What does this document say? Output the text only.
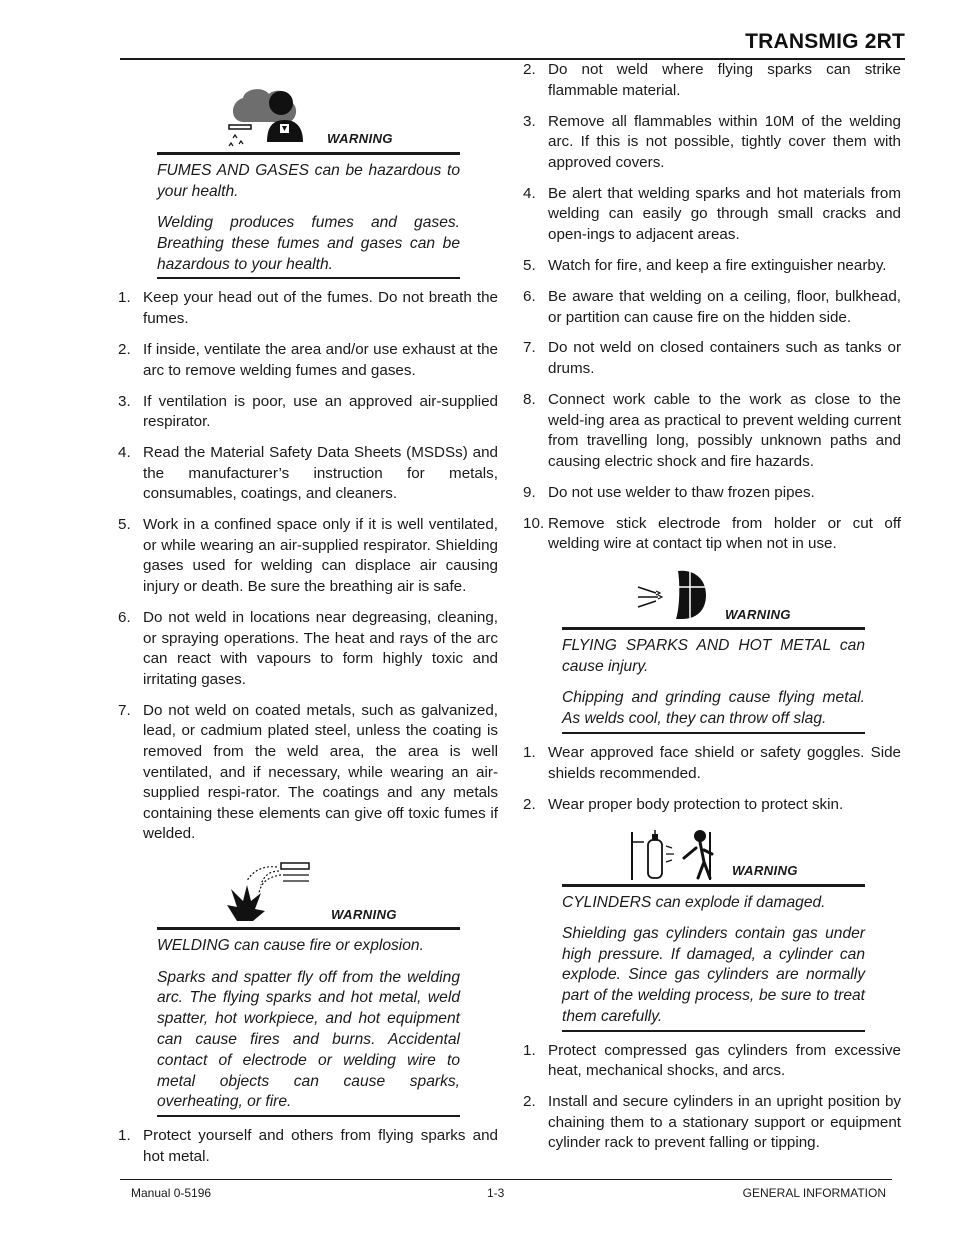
TRANSMIG 2RT
WARNING

FUMES AND GASES can be hazardous to your health.

Welding produces fumes and gases. Breathing these fumes and gases can be hazardous to your health.

1. Keep your head out of the fumes. Do not breath the fumes.
2. If inside, ventilate the area and/or use exhaust at the arc to remove welding fumes and gases.
3. If ventilation is poor, use an approved air-supplied respirator.
4. Read the Material Safety Data Sheets (MSDSs) and the manufacturer’s instruction for metals, consumables, coatings, and cleaners.
5. Work in a confined space only if it is well ventilated, or while wearing an air-supplied respirator. Shielding gases used for welding can displace air causing injury or death. Be sure the breathing air is safe.
6. Do not weld in locations near degreasing, cleaning, or spraying operations. The heat and rays of the arc can react with vapours to form highly toxic and irritating gases.
7. Do not weld on coated metals, such as galvanized, lead, or cadmium plated steel, unless the coating is removed from the weld area, the area is well ventilated, and if necessary, while wearing an air-supplied respi-rator. The coatings and any metals containing these elements can give off toxic fumes if welded.
WARNING

WELDING can cause fire or explosion.

Sparks and spatter fly off from the welding arc. The flying sparks and hot metal, weld spatter, hot workpiece, and hot equipment can cause fires and burns. Accidental contact of electrode or welding wire to metal objects can cause sparks, overheating, or fire.

1. Protect yourself and others from flying sparks and hot metal.
2. Do not weld where flying sparks can strike flammable material.
3. Remove all flammables within 10M of the welding arc. If this is not possible, tightly cover them with approved covers.
4. Be alert that welding sparks and hot materials from welding can easily go through small cracks and open-ings to adjacent areas.
5. Watch for fire, and keep a fire extinguisher nearby.
6. Be aware that welding on a ceiling, floor, bulkhead, or partition can cause fire on the hidden side.
7. Do not weld on closed containers such as tanks or drums.
8. Connect work cable to the work as close to the weld-ing area as practical to prevent welding current from travelling long, possibly unknown paths and causing electric shock and fire hazards.
9. Do not use welder to thaw frozen pipes.
10. Remove stick electrode from holder or cut off welding wire at contact tip when not in use.
WARNING

FLYING SPARKS AND HOT METAL can cause injury.

Chipping and grinding cause flying metal. As welds cool, they can throw off slag.

1. Wear approved face shield or safety goggles. Side shields recommended.
2. Wear proper body protection to protect skin.
WARNING

CYLINDERS can explode if damaged.

Shielding gas cylinders contain gas under high pressure. If damaged, a cylinder can explode. Since gas cylinders are normally part of the welding process, be sure to treat them carefully.

1. Protect compressed gas cylinders from excessive heat, mechanical shocks, and arcs.
2. Install and secure cylinders in an upright position by chaining them to a stationary support or equipment cylinder rack to prevent falling or tipping.
Manual 0-5196	1-3	GENERAL INFORMATION
